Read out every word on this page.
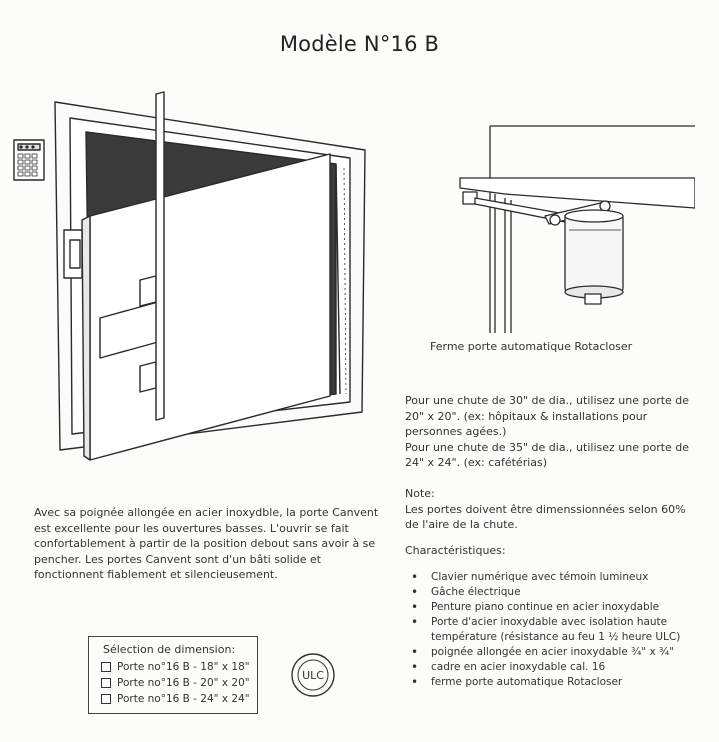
Modèle N°16 B
Ferme porte automatique Rotacloser
Avec sa poignée allongée en acier inoxydble, la porte Canvent est excellente pour les ouvertures basses. L'ouvrir se fait confortablement à partir de la position debout sans avoir à se pencher. Les portes Canvent sont d'un bâti solide et fonctionnent fiablement et silencieusement.
Pour une chute de 30" de dia., utilisez une porte de 20" x 20". (ex: hôpitaux & installations pour personnes agées.)
Pour une chute de 35" de dia., utilisez une porte de 24" x 24". (ex: cafétérias)
Note:
Les portes doivent être dimenssionnées selon 60% de l'aire de la chute.
Charactéristiques:
• Clavier numérique avec témoin lumineux
• Gâche électrique
• Penture piano continue en acier inoxydable
• Porte d'acier inoxydable avec isolation haute
température (résistance au feu 1 ½ heure ULC)
• poignée allongée en acier inoxydable ¾" x ¾"
• cadre en acier inoxydable cal. 16
• ferme porte automatique Rotacloser
Sélection de dimension:
Porte no°16 B - 18" x 18"
Porte no°16 B - 20" x 20"
Porte no°16 B - 24" x 24"
ULC
